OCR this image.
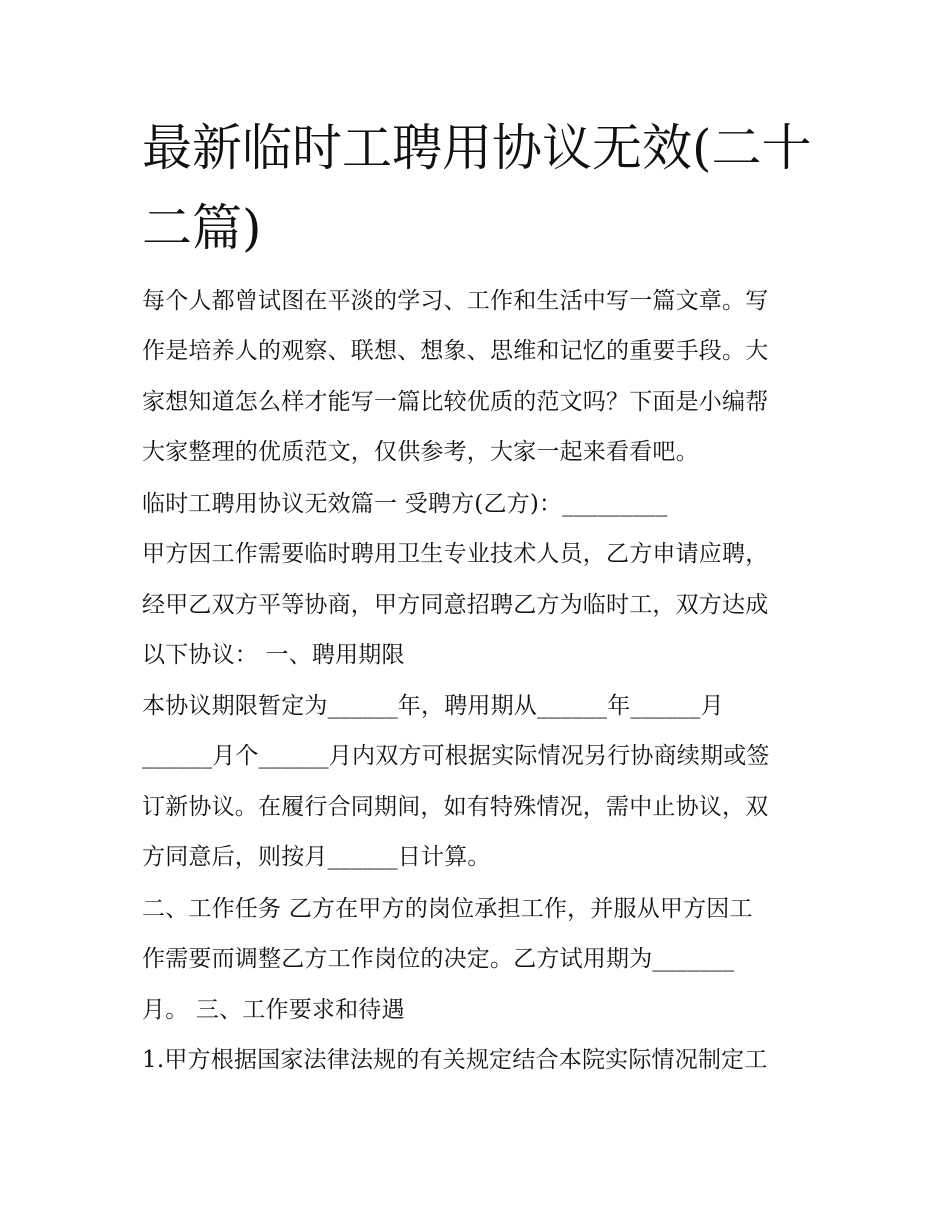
最新临时工聘用协议无效(二十二篇)
每个人都曾试图在平淡的学习、工作和生活中写一篇文章。写
作是培养人的观察、联想、想象、思维和记忆的重要手段。大
家想知道怎么样才能写一篇比较优质的范文吗？下面是小编帮
大家整理的优质范文，仅供参考，大家一起来看看吧。
临时工聘用协议无效篇一 受聘方(乙方)：_________
甲方因工作需要临时聘用卫生专业技术人员，乙方申请应聘，
经甲乙双方平等协商，甲方同意招聘乙方为临时工，双方达成
以下协议： 一、聘用期限
本协议期限暂定为______年，聘用期从______年______月
______月个______月内双方可根据实际情况另行协商续期或签
订新协议。在履行合同期间，如有特殊情况，需中止协议，双
方同意后，则按月______日计算。
二、工作任务 乙方在甲方的岗位承担工作，并服从甲方因工
作需要而调整乙方工作岗位的决定。乙方试用期为_______
月。 三、工作要求和待遇
1.甲方根据国家法律法规的有关规定结合本院实际情况制定工
